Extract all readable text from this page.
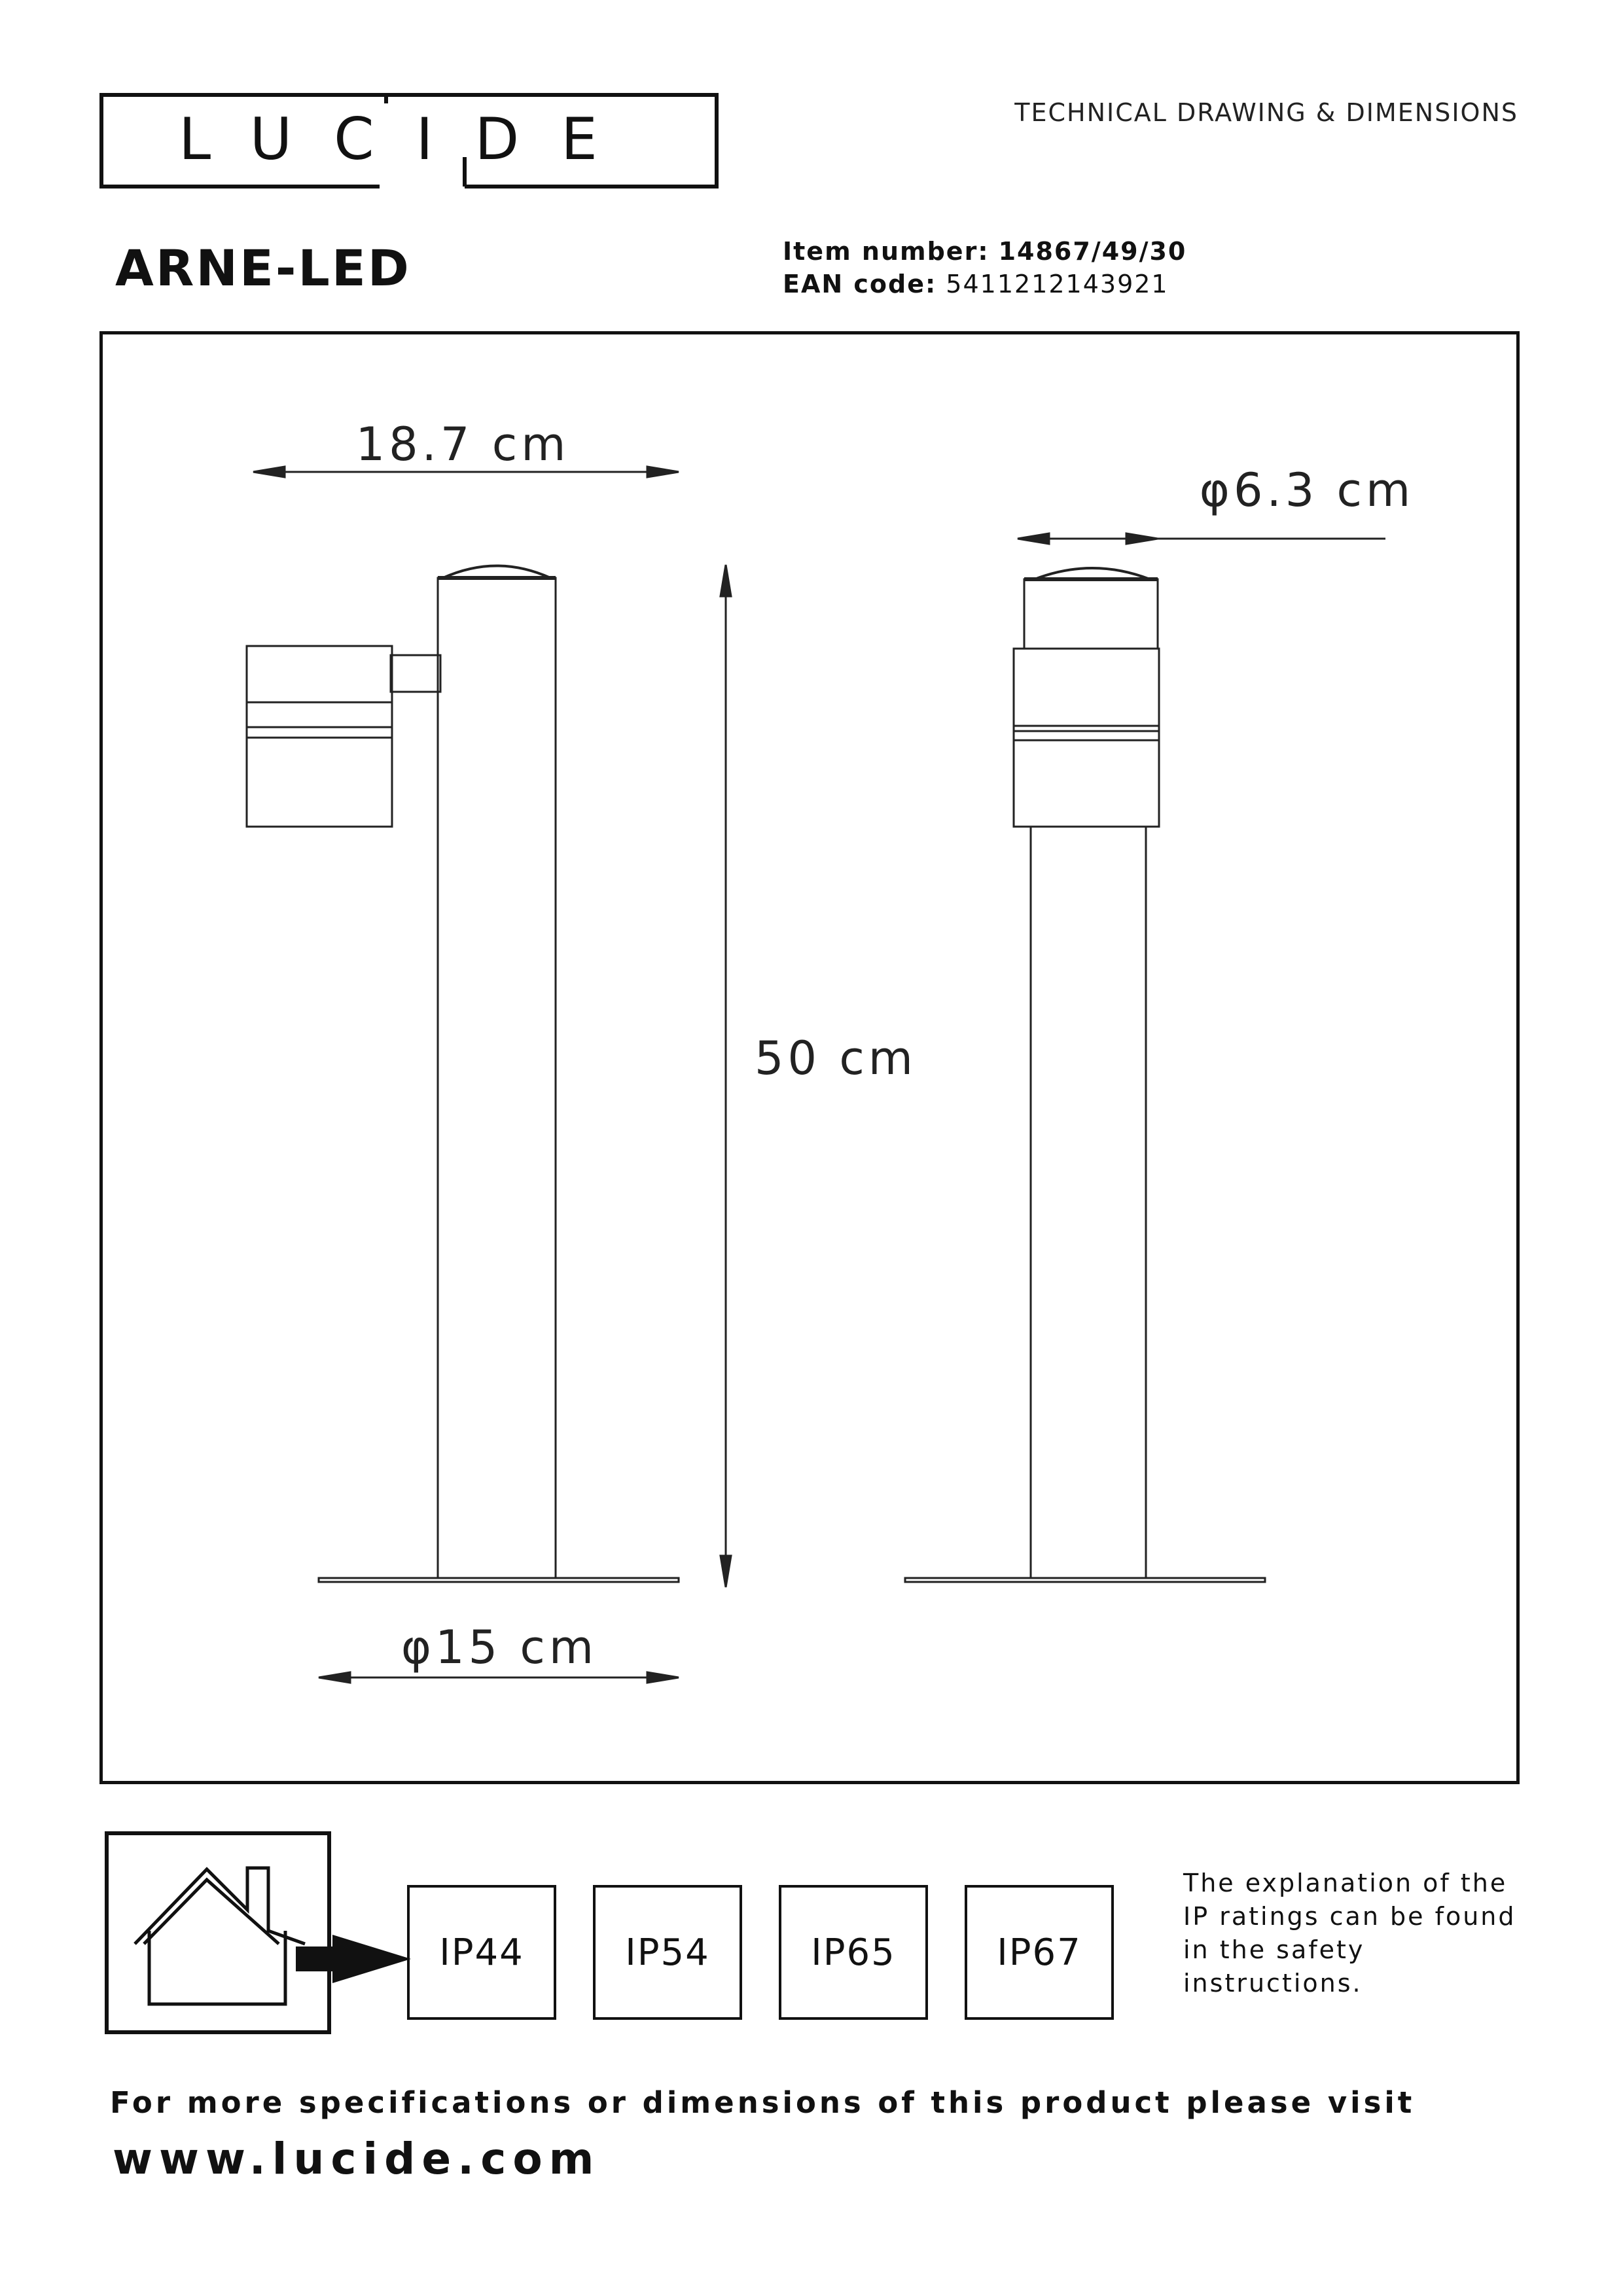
LUCIDE	TECHNICAL DRAWING & DIMENSIONS
ARNE-LED	Item number: 14867/49/30
EAN code: 5411212143921
18.7 cm
50 cm
φ15 cm
φ6.3 cm
IP44	IP54	IP65	IP67
The explanation of the
IP ratings can be found
in the safety
instructions.
For more specifications or dimensions of this product please visit
www.lucide.com
